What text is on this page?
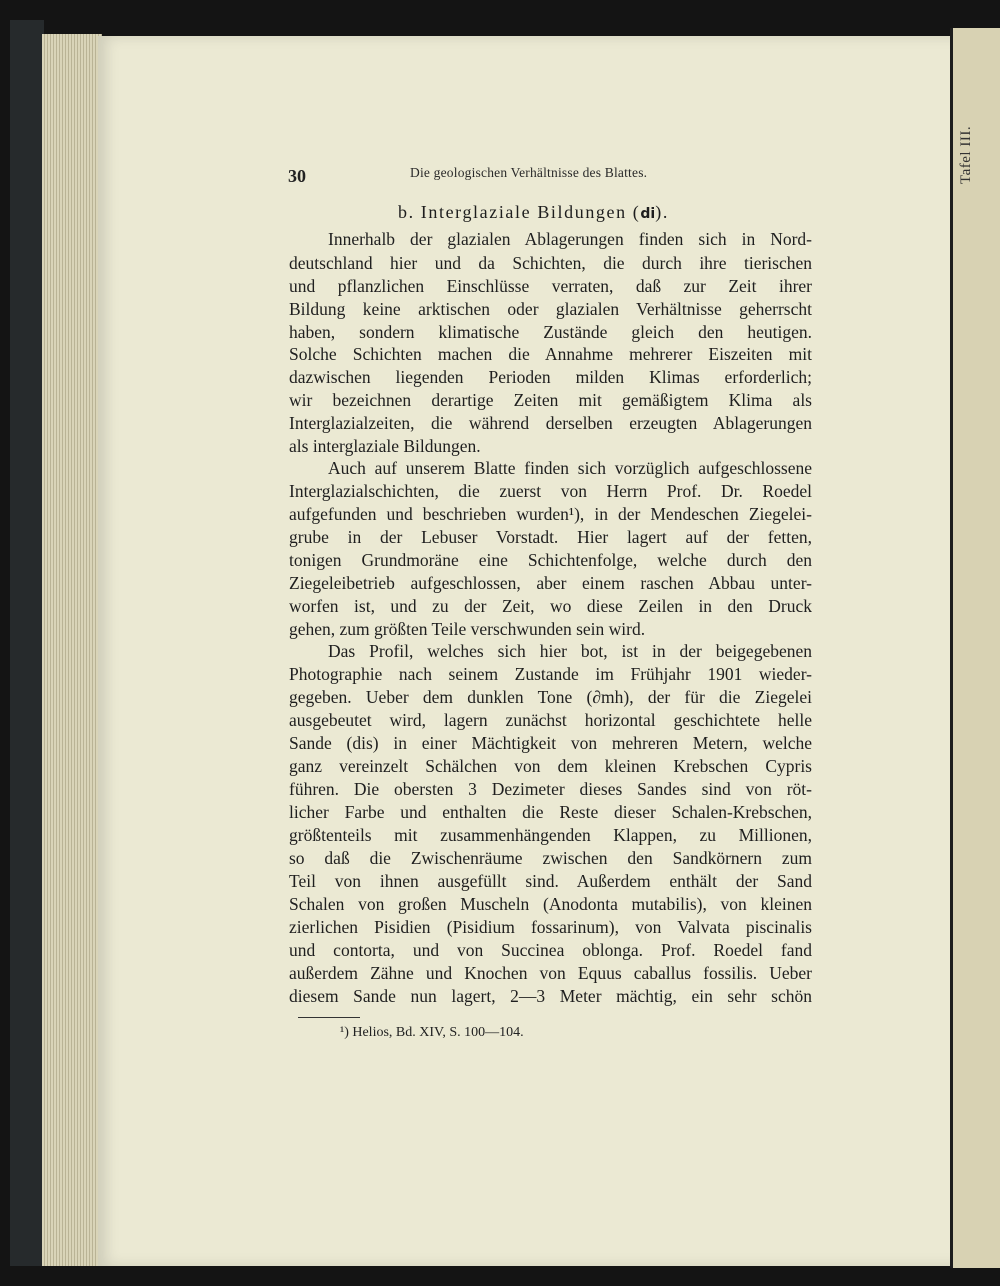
Tafel III.
30	Die geologischen Verhältnisse des Blattes.
b. Interglaziale Bildungen (di).
Innerhalb der glazialen Ablagerungen finden sich in Nord-
deutschland hier und da Schichten, die durch ihre tierischen
und pflanzlichen Einschlüsse verraten, daß zur Zeit ihrer
Bildung keine arktischen oder glazialen Verhältnisse geherrscht
haben, sondern klimatische Zustände gleich den heutigen.
Solche Schichten machen die Annahme mehrerer Eiszeiten mit
dazwischen liegenden Perioden milden Klimas erforderlich;
wir bezeichnen derartige Zeiten mit gemäßigtem Klima als
Interglazialzeiten, die während derselben erzeugten Ablagerungen
als interglaziale Bildungen.
Auch auf unserem Blatte finden sich vorzüglich aufgeschlossene
Interglazialschichten, die zuerst von Herrn Prof. Dr. Roedel
aufgefunden und beschrieben wurden¹), in der Mendeschen Ziegelei-
grube in der Lebuser Vorstadt. Hier lagert auf der fetten,
tonigen Grundmoräne eine Schichtenfolge, welche durch den
Ziegeleibetrieb aufgeschlossen, aber einem raschen Abbau unter-
worfen ist, und zu der Zeit, wo diese Zeilen in den Druck
gehen, zum größten Teile verschwunden sein wird.
Das Profil, welches sich hier bot, ist in der beigegebenen
Photographie nach seinem Zustande im Frühjahr 1901 wieder-
gegeben. Ueber dem dunklen Tone (∂mh), der für die Ziegelei
ausgebeutet wird, lagern zunächst horizontal geschichtete helle
Sande (dis) in einer Mächtigkeit von mehreren Metern, welche
ganz vereinzelt Schälchen von dem kleinen Krebschen Cypris
führen. Die obersten 3 Dezimeter dieses Sandes sind von röt-
licher Farbe und enthalten die Reste dieser Schalen-Krebschen,
größtenteils mit zusammenhängenden Klappen, zu Millionen,
so daß die Zwischenräume zwischen den Sandkörnern zum
Teil von ihnen ausgefüllt sind. Außerdem enthält der Sand
Schalen von großen Muscheln (Anodonta mutabilis), von kleinen
zierlichen Pisidien (Pisidium fossarinum), von Valvata piscinalis
und contorta, und von Succinea oblonga. Prof. Roedel fand
außerdem Zähne und Knochen von Equus caballus fossilis. Ueber
diesem Sande nun lagert, 2—3 Meter mächtig, ein sehr schön
¹) Helios, Bd. XIV, S. 100—104.
